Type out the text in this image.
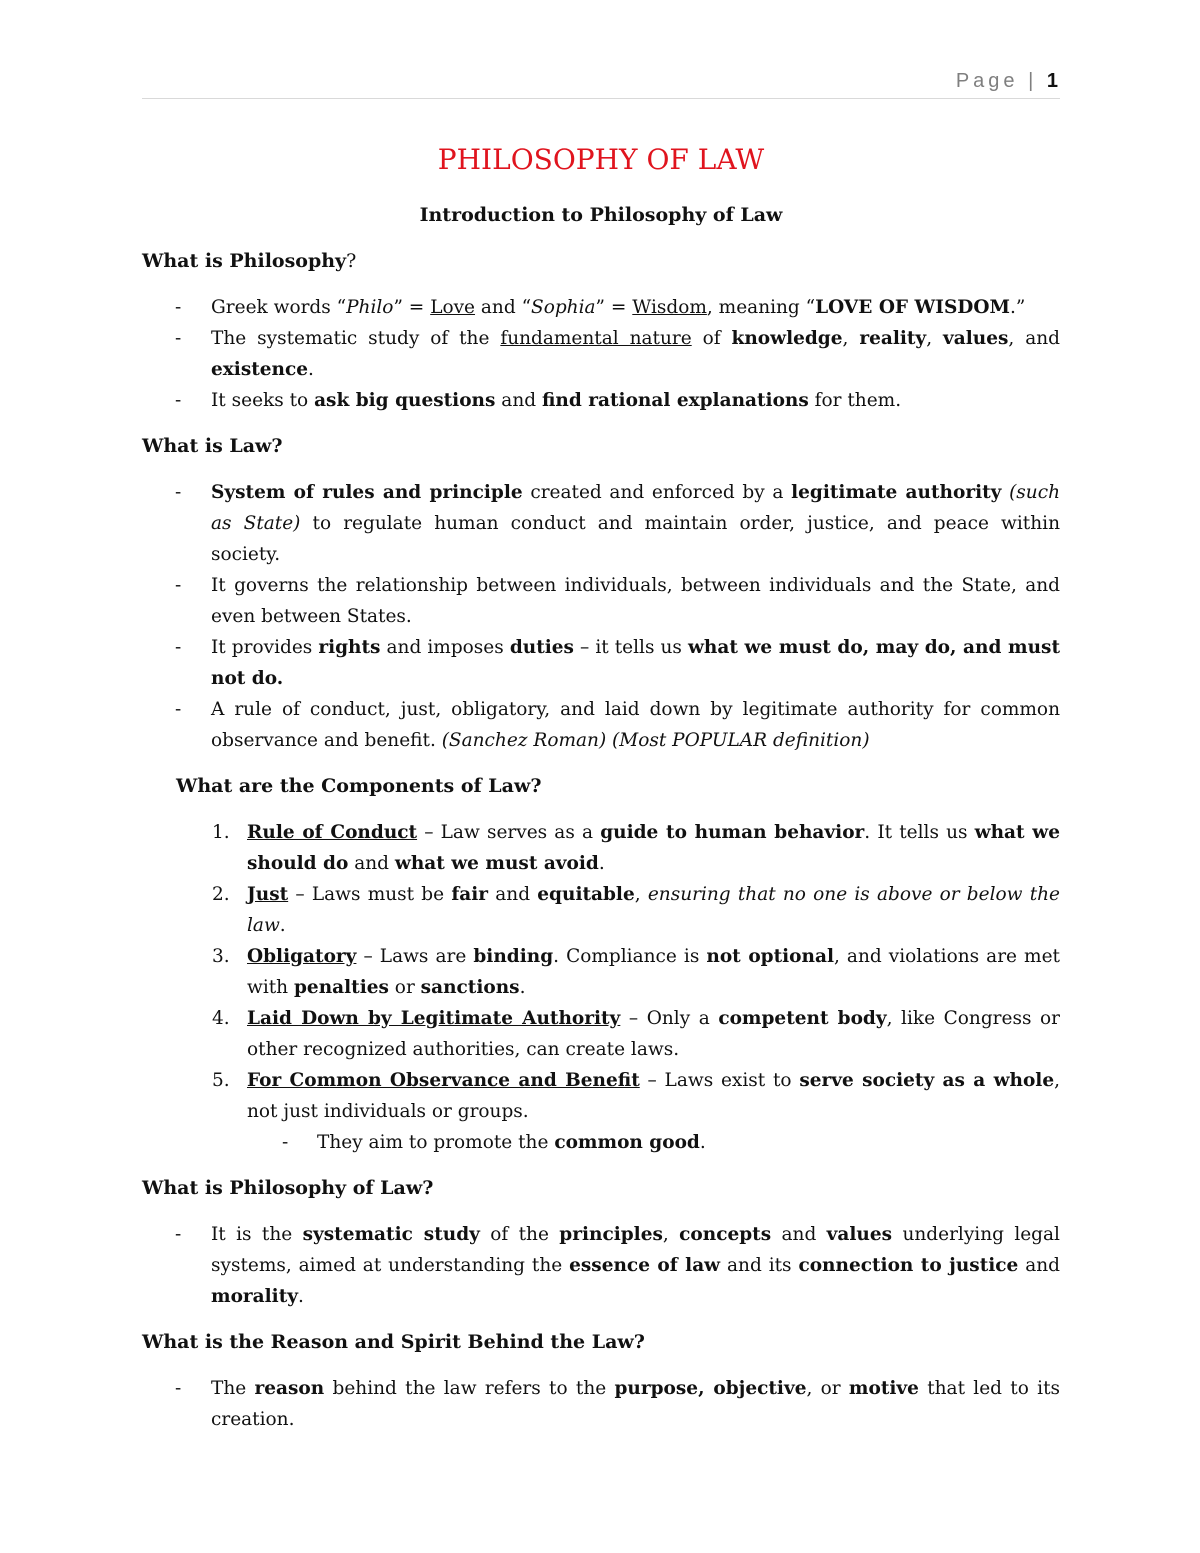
Page | 1
PHILOSOPHY OF LAW
Introduction to Philosophy of Law
What is Philosophy?
- Greek words “Philo” = Love and “Sophia” = Wisdom, meaning “LOVE OF WISDOM.”
- The systematic study of the fundamental nature of knowledge, reality, values, and existence.
- It seeks to ask big questions and find rational explanations for them.
What is Law?
- System of rules and principle created and enforced by a legitimate authority (such as State) to regulate human conduct and maintain order, justice, and peace within society.
- It governs the relationship between individuals, between individuals and the State, and even between States.
- It provides rights and imposes duties – it tells us what we must do, may do, and must not do.
- A rule of conduct, just, obligatory, and laid down by legitimate authority for common observance and benefit. (Sanchez Roman) (Most POPULAR definition)
What are the Components of Law?
1. Rule of Conduct – Law serves as a guide to human behavior. It tells us what we should do and what we must avoid.
2. Just – Laws must be fair and equitable, ensuring that no one is above or below the law.
3. Obligatory – Laws are binding. Compliance is not optional, and violations are met with penalties or sanctions.
4. Laid Down by Legitimate Authority – Only a competent body, like Congress or other recognized authorities, can create laws.
5. For Common Observance and Benefit – Laws exist to serve society as a whole, not just individuals or groups.
- They aim to promote the common good.
What is Philosophy of Law?
- It is the systematic study of the principles, concepts and values underlying legal systems, aimed at understanding the essence of law and its connection to justice and morality.
What is the Reason and Spirit Behind the Law?
- The reason behind the law refers to the purpose, objective, or motive that led to its creation.
